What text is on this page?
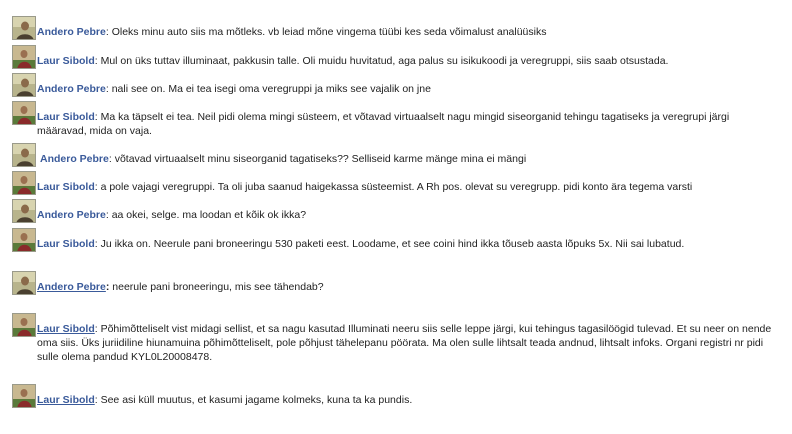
Andero Pebre: Oleks minu auto siis ma mõtleks. vb leiad mõne vingema tüübi kes seda võimalust analüüsiks
Laur Sibold: Mul on üks tuttav illuminaat, pakkusin talle. Oli muidu huvitatud, aga palus su isikukoodi ja veregruppi, siis saab otsustada.
Andero Pebre: nali see on. Ma ei tea isegi oma veregruppi ja miks see vajalik on jne
Laur Sibold: Ma ka täpselt ei tea. Neil pidi olema mingi süsteem, et võtavad virtuaalselt nagu mingid siseorganid tehingu tagatiseks ja veregrupi järgi määravad, mida on vaja.
Andero Pebre: võtavad virtuaalselt minu siseorganid tagatiseks?? Selliseid karme mänge mina ei mängi
Laur Sibold: a pole vajagi veregruppi. Ta oli juba saanud haigekassa süsteemist. A Rh pos. olevat su veregrupp. pidi konto ära tegema varsti
Andero Pebre: aa okei, selge. ma loodan et kõik ok ikka?
Laur Sibold: Ju ikka on. Neerule pani broneeringu 530 paketi eest. Loodame, et see coini hind ikka tõuseb aasta lõpuks 5x. Nii sai lubatud.
Andero Pebre: neerule pani broneeringu, mis see tähendab?
Laur Sibold: Põhimõtteliselt vist midagi sellist, et sa nagu kasutad Illuminati neeru siis selle leppe järgi, kui tehingus tagasilöögid tulevad. Et su neer on nende oma siis. Üks juriidiline hiunamuina põhimõtteliselt, pole põhjust tähelepanu pöörata. Ma olen sulle lihtsalt teada andnud, lihtsalt infoks. Organi registri nr pidi sulle olema pandud KYL0L20008478.
Laur Sibold: See asi küll muutus, et kasumi jagame kolmeks, kuna ta ka pundis.
